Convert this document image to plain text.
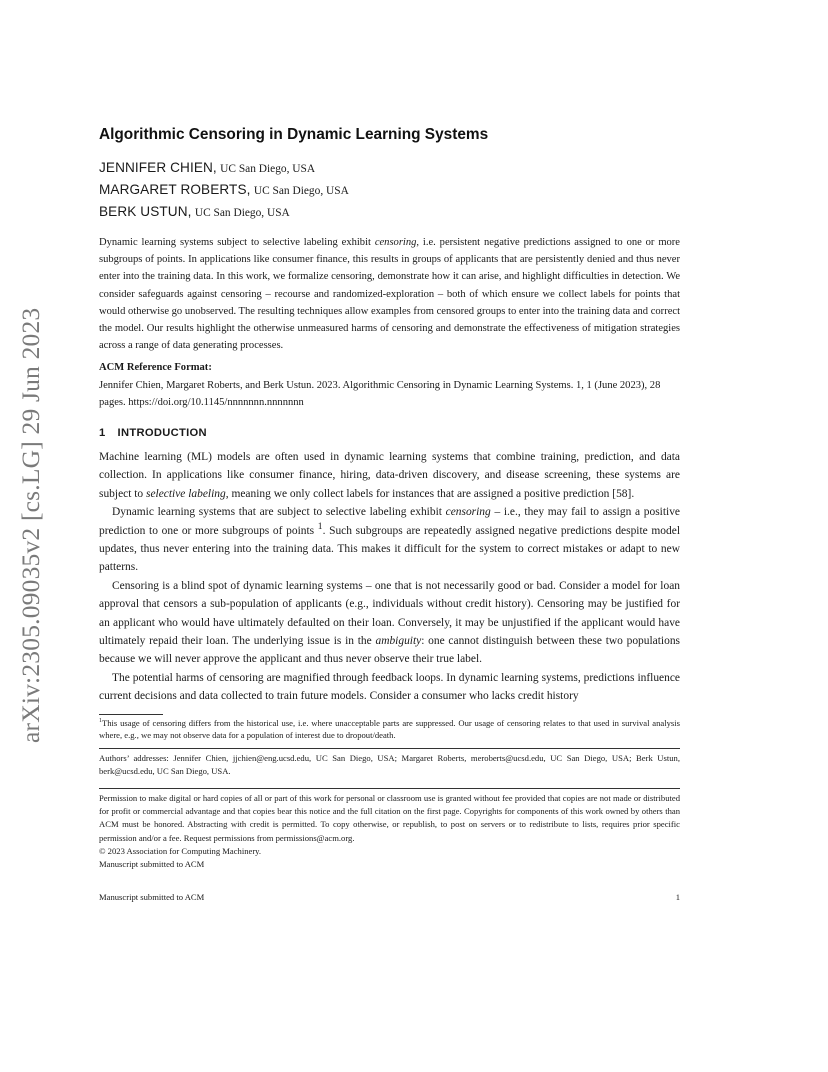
arXiv:2305.09035v2 [cs.LG] 29 Jun 2023
Algorithmic Censoring in Dynamic Learning Systems
JENNIFER CHIEN, UC San Diego, USA
MARGARET ROBERTS, UC San Diego, USA
BERK USTUN, UC San Diego, USA
Dynamic learning systems subject to selective labeling exhibit censoring, i.e. persistent negative predictions assigned to one or more subgroups of points. In applications like consumer finance, this results in groups of applicants that are persistently denied and thus never enter into the training data. In this work, we formalize censoring, demonstrate how it can arise, and highlight difficulties in detection. We consider safeguards against censoring – recourse and randomized-exploration – both of which ensure we collect labels for points that would otherwise go unobserved. The resulting techniques allow examples from censored groups to enter into the training data and correct the model. Our results highlight the otherwise unmeasured harms of censoring and demonstrate the effectiveness of mitigation strategies across a range of data generating processes.
ACM Reference Format:
Jennifer Chien, Margaret Roberts, and Berk Ustun. 2023. Algorithmic Censoring in Dynamic Learning Systems. 1, 1 (June 2023), 28 pages. https://doi.org/10.1145/nnnnnnn.nnnnnnn
1 INTRODUCTION

Machine learning (ML) models are often used in dynamic learning systems that combine training, prediction, and data collection. In applications like consumer finance, hiring, data-driven discovery, and disease screening, these systems are subject to selective labeling, meaning we only collect labels for instances that are assigned a positive prediction [58].

Dynamic learning systems that are subject to selective labeling exhibit censoring – i.e., they may fail to assign a positive prediction to one or more subgroups of points $^1$. Such subgroups are repeatedly assigned negative predictions despite model updates, thus never entering into the training data. This makes it difficult for the system to correct mistakes or adapt to new patterns.

Censoring is a blind spot of dynamic learning systems – one that is not necessarily good or bad. Consider a model for loan approval that censors a sub-population of applicants (e.g., individuals without credit history). Censoring may be justified for an applicant who would have ultimately defaulted on their loan. Conversely, it may be unjustified if the applicant would have ultimately repaid their loan. The underlying issue is in the ambiguity: one cannot distinguish between these two populations because we will never approve the applicant and thus never observe their true label.

The potential harms of censoring are magnified through feedback loops. In dynamic learning systems, predictions influence current decisions and data collected to train future models. Consider a consumer who lacks credit history

$^1$This usage of censoring differs from the historical use, i.e. where unacceptable parts are suppressed. Our usage of censoring relates to that used in survival analysis where, e.g., we may not observe data for a population of interest due to dropout/death.
Authors’ addresses: Jennifer Chien, jjchien@eng.ucsd.edu, UC San Diego, USA; Margaret Roberts, meroberts@ucsd.edu, UC San Diego, USA; Berk Ustun, berk@ucsd.edu, UC San Diego, USA.
Permission to make digital or hard copies of all or part of this work for personal or classroom use is granted without fee provided that copies are not made or distributed for profit or commercial advantage and that copies bear this notice and the full citation on the first page. Copyrights for components of this work owned by others than ACM must be honored. Abstracting with credit is permitted. To copy otherwise, or republish, to post on servers or to redistribute to lists, requires prior specific permission and/or a fee. Request permissions from permissions@acm.org.
© 2023 Association for Computing Machinery.
Manuscript submitted to ACM
Manuscript submitted to ACM	1
